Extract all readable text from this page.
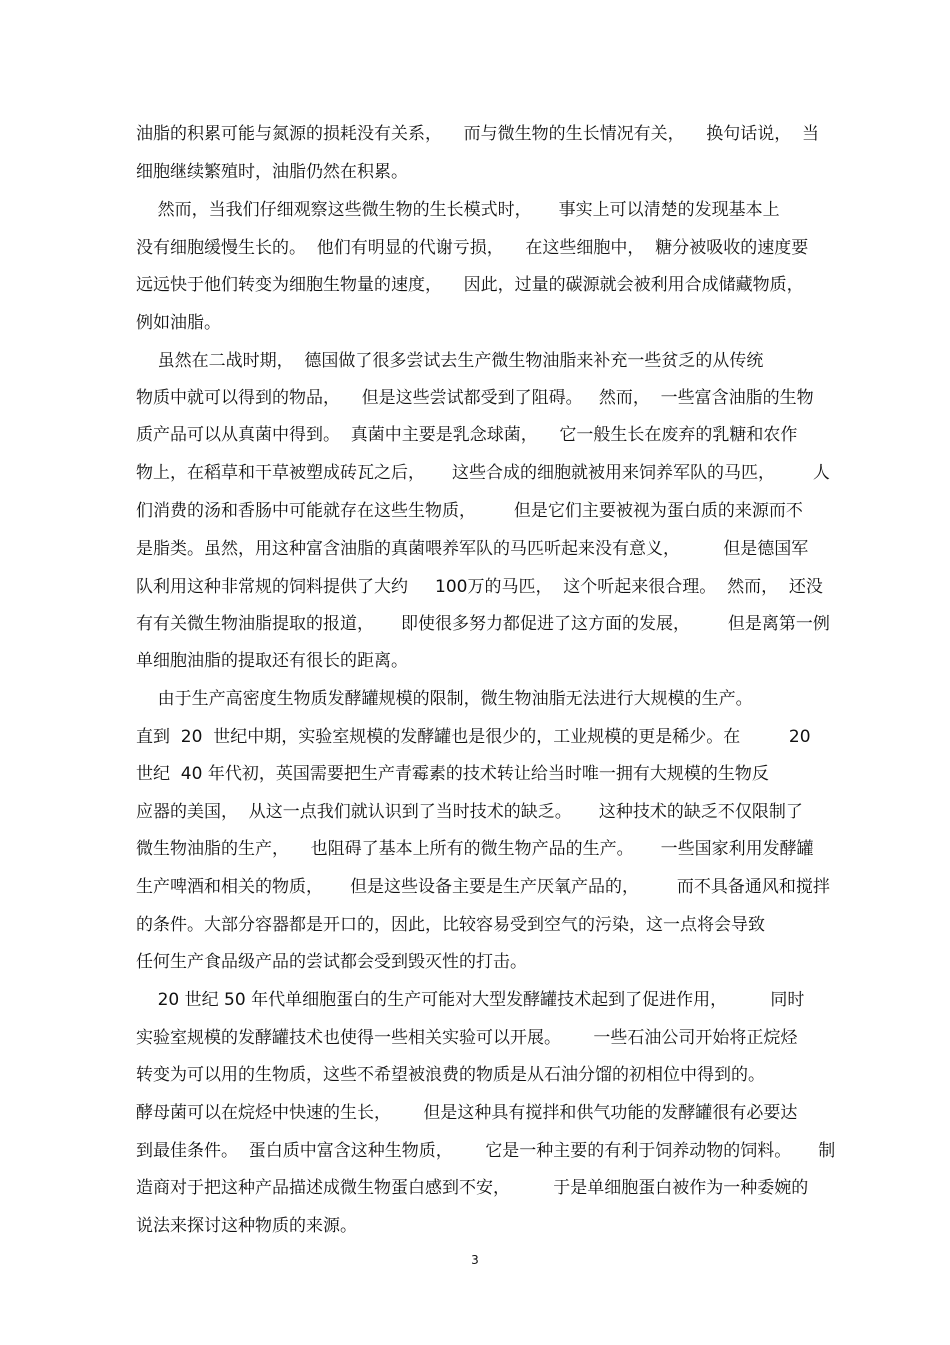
油脂的积累可能与氮源的损耗没有关系，    而与微生物的生长情况有关，    换句话说，  当
细胞继续繁殖时，油脂仍然在积累。
然而，当我们仔细观察这些微生物的生长模式时，     事实上可以清楚的发现基本上
没有细胞缓慢生长的。  他们有明显的代谢亏损，    在这些细胞中，  糖分被吸收的速度要
远远快于他们转变为细胞生物量的速度，    因此，过量的碳源就会被利用合成储藏物质，
例如油脂。
虽然在二战时期，  德国做了很多尝试去生产微生物油脂来补充一些贫乏的从传统
物质中就可以得到的物品，    但是这些尝试都受到了阻碍。   然而，  一些富含油脂的生物
质产品可以从真菌中得到。  真菌中主要是乳念球菌，    它一般生长在废弃的乳糖和农作
物上，在稻草和干草被塑成砖瓦之后，     这些合成的细胞就被用来饲养军队的马匹，       人
们消费的汤和香肠中可能就存在这些生物质，       但是它们主要被视为蛋白质的来源而不
是脂类。虽然，用这种富含油脂的真菌喂养军队的马匹听起来没有意义，        但是德国军
队利用这种非常规的饲料提供了大约     100万的马匹，  这个听起来很合理。  然而，  还没
有有关微生物油脂提取的报道，     即使很多努力都促进了这方面的发展，       但是离第一例
单细胞油脂的提取还有很长的距离。
由于生产高密度生物质发酵罐规模的限制，微生物油脂无法进行大规模的生产。
直到  20  世纪中期，实验室规模的发酵罐也是很少的，工业规模的更是稀少。在         20
世纪  40 年代初，英国需要把生产青霉素的技术转让给当时唯一拥有大规模的生物反
应器的美国，  从这一点我们就认识到了当时技术的缺乏。     这种技术的缺乏不仅限制了
微生物油脂的生产，    也阻碍了基本上所有的微生物产品的生产。     一些国家利用发酵罐
生产啤酒和相关的物质，     但是这些设备主要是生产厌氧产品的，       而不具备通风和搅拌
的条件。大部分容器都是开口的，因此，比较容易受到空气的污染，这一点将会导致
任何生产食品级产品的尝试都会受到毁灭性的打击。
20 世纪 50 年代单细胞蛋白的生产可能对大型发酵罐技术起到了促进作用，        同时
实验室规模的发酵罐技术也使得一些相关实验可以开展。      一些石油公司开始将正烷烃
转变为可以用的生物质，这些不希望被浪费的物质是从石油分馏的初相位中得到的。
酵母菌可以在烷烃中快速的生长，      但是这种具有搅拌和供气功能的发酵罐很有必要达
到最佳条件。  蛋白质中富含这种生物质，      它是一种主要的有利于饲养动物的饲料。     制
造商对于把这种产品描述成微生物蛋白感到不安，        于是单细胞蛋白被作为一种委婉的
说法来探讨这种物质的来源。
3
